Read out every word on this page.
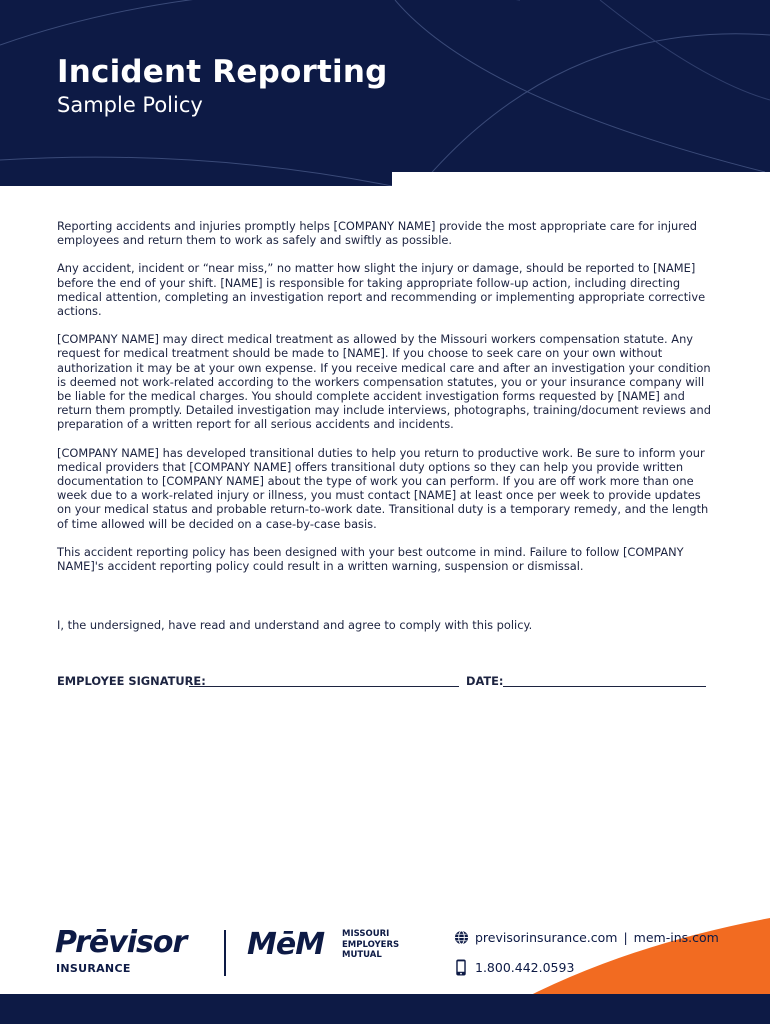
Incident Reporting
Sample Policy

Reporting accidents and injuries promptly helps [COMPANY NAME] provide the most appropriate care for injured employees and return them to work as safely and swiftly as possible.

Any accident, incident or “near miss,” no matter how slight the injury or damage, should be reported to [NAME] before the end of your shift. [NAME] is responsible for taking appropriate follow-up action, including directing medical attention, completing an investigation report and recommending or implementing appropriate corrective actions.

[COMPANY NAME] may direct medical treatment as allowed by the Missouri workers compensation statute. Any request for medical treatment should be made to [NAME]. If you choose to seek care on your own without authorization it may be at your own expense. If you receive medical care and after an investigation your condition is deemed not work-related according to the workers compensation statutes, you or your insurance company will be liable for the medical charges. You should complete accident investigation forms requested by [NAME] and return them promptly. Detailed investigation may include interviews, photographs, training/document reviews and preparation of a written report for all serious accidents and incidents.

[COMPANY NAME] has developed transitional duties to help you return to productive work. Be sure to inform your medical providers that [COMPANY NAME] offers transitional duty options so they can help you provide written documentation to [COMPANY NAME] about the type of work you can perform. If you are off work more than one week due to a work-related injury or illness, you must contact [NAME] at least once per week to provide updates on your medical status and probable return-to-work date. Transitional duty is a temporary remedy, and the length of time allowed will be decided on a case-by-case basis.

This accident reporting policy has been designed with your best outcome in mind. Failure to follow [COMPANY NAME]'s accident reporting policy could result in a written warning, suspension or dismissal.

I, the undersigned, have read and understand and agree to comply with this policy.
EMPLOYEE SIGNATURE:	DATE:
Prēvisor
INSURANCE
MēM MISSOURI
EMPLOYERS
MUTUAL
previsorinsurance.com | mem-ins.com
1.800.442.0593
